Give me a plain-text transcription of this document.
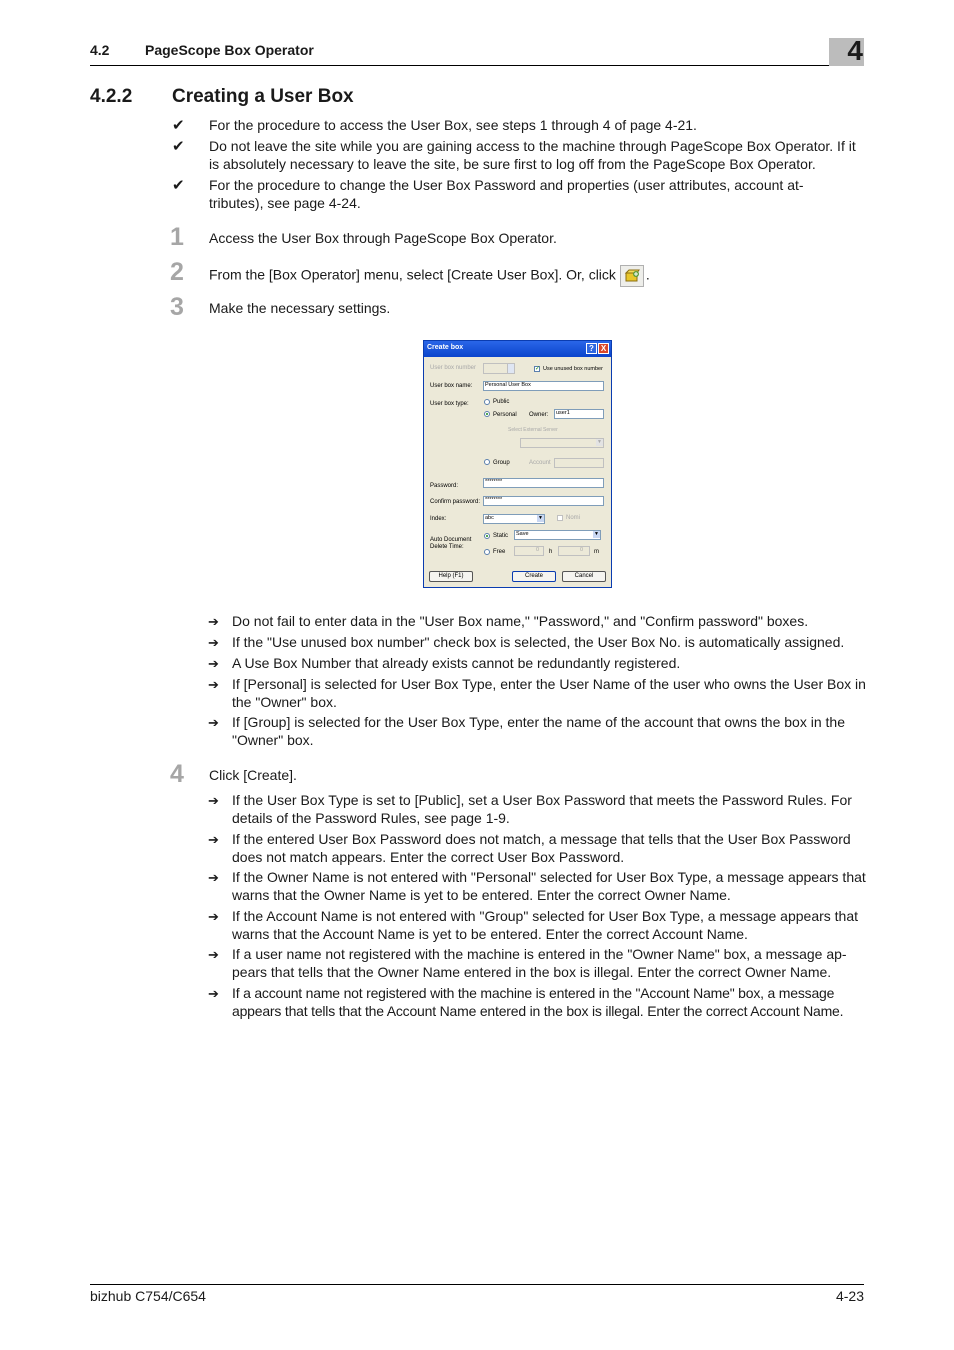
4.2	PageScope Box Operator	4
4.2.2 Creating a User Box
✔ For the procedure to access the User Box, see steps 1 through 4 of page 4-21.
✔ Do not leave the site while you are gaining access to the machine through PageScope Box Operator. If it is absolutely necessary to leave the site, be sure first to log off from the PageScope Box Operator.
✔ For the procedure to change the User Box Password and properties (user attributes, account at-tributes), see page 4-24.
1 Access the User Box through PageScope Box Operator.
2 From the [Box Operator] menu, select [Create User Box]. Or, click .
3 Make the necessary settings.
Create box	? X
User box number	✓ Use unused box number
User box name:	Personal User Box
User box type:	Public
Personal Owner:	user1
Select External Server
▼
Group	Account
Password:
********
Confirm password: ********
Index:	abc	▼	Nomi
Auto Document
Delete Time:
Static	Save	▼
Free	0	h	0	m
Help (F1)	Create	Cancel
➔ Do not fail to enter data in the "User Box name," "Password," and "Confirm password" boxes.
➔ If the "Use unused box number" check box is selected, the User Box No. is automatically assigned.
➔ A Use Box Number that already exists cannot be redundantly registered.
➔ If [Personal] is selected for User Box Type, enter the User Name of the user who owns the User Box in the "Owner" box.
➔ If [Group] is selected for the User Box Type, enter the name of the account that owns the box in the "Owner" box.
4 Click [Create].
➔ If the User Box Type is set to [Public], set a User Box Password that meets the Password Rules. For details of the Password Rules, see page 1-9.
➔ If the entered User Box Password does not match, a message that tells that the User Box Password does not match appears. Enter the correct User Box Password.
➔ If the Owner Name is not entered with "Personal" selected for User Box Type, a message appears that warns that the Owner Name is yet to be entered. Enter the correct Owner Name.
➔ If the Account Name is not entered with "Group" selected for User Box Type, a message appears that warns that the Account Name is yet to be entered. Enter the correct Account Name.
➔ If a user name not registered with the machine is entered in the "Owner Name" box, a message ap-pears that tells that the Owner Name entered in the box is illegal. Enter the correct Owner Name.
➔ If a account name not registered with the machine is entered in the "Account Name" box, a message appears that tells that the Account Name entered in the box is illegal. Enter the correct Account Name.
bizhub C754/C654	4-23
